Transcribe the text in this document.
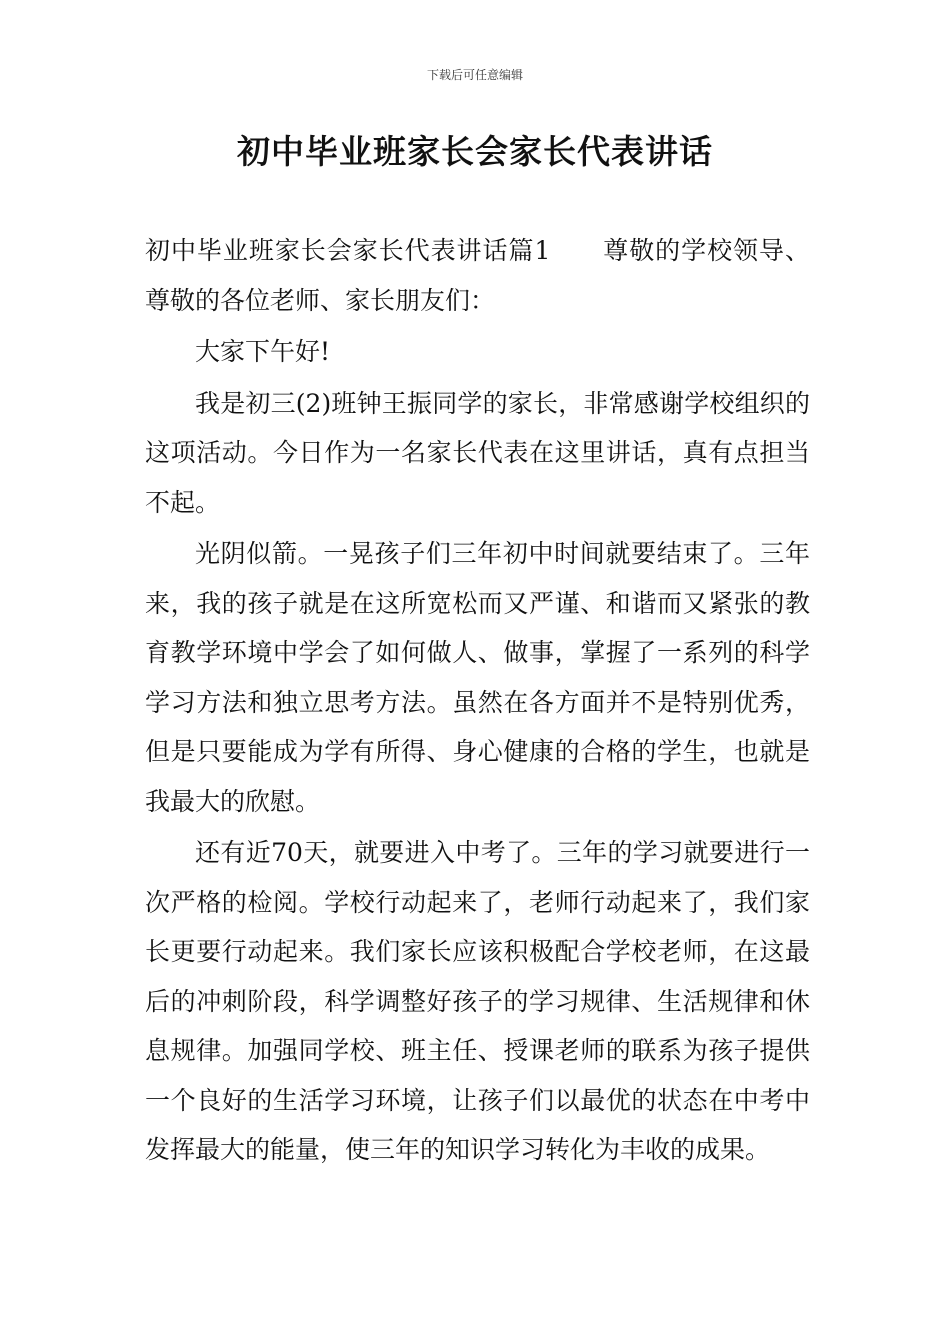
下载后可任意编辑
初中毕业班家长会家长代表讲话

初中毕业班家长会家长代表讲话篇1　　尊敬的学校领导、尊敬的各位老师、家长朋友们：

大家下午好!

我是初三(2)班钟王振同学的家长，非常感谢学校组织的这项活动。今日作为一名家长代表在这里讲话，真有点担当不起。

光阴似箭。一晃孩子们三年初中时间就要结束了。三年来，我的孩子就是在这所宽松而又严谨、和谐而又紧张的教育教学环境中学会了如何做人、做事，掌握了一系列的科学学习方法和独立思考方法。虽然在各方面并不是特别优秀，但是只要能成为学有所得、身心健康的合格的学生，也就是我最大的欣慰。

还有近70天，就要进入中考了。三年的学习就要进行一次严格的检阅。学校行动起来了，老师行动起来了，我们家长更要行动起来。我们家长应该积极配合学校老师，在这最后的冲刺阶段，科学调整好孩子的学习规律、生活规律和休息规律。加强同学校、班主任、授课老师的联系为孩子提供一个良好的生活学习环境，让孩子们以最优的状态在中考中发挥最大的能量，使三年的知识学习转化为丰收的成果。
